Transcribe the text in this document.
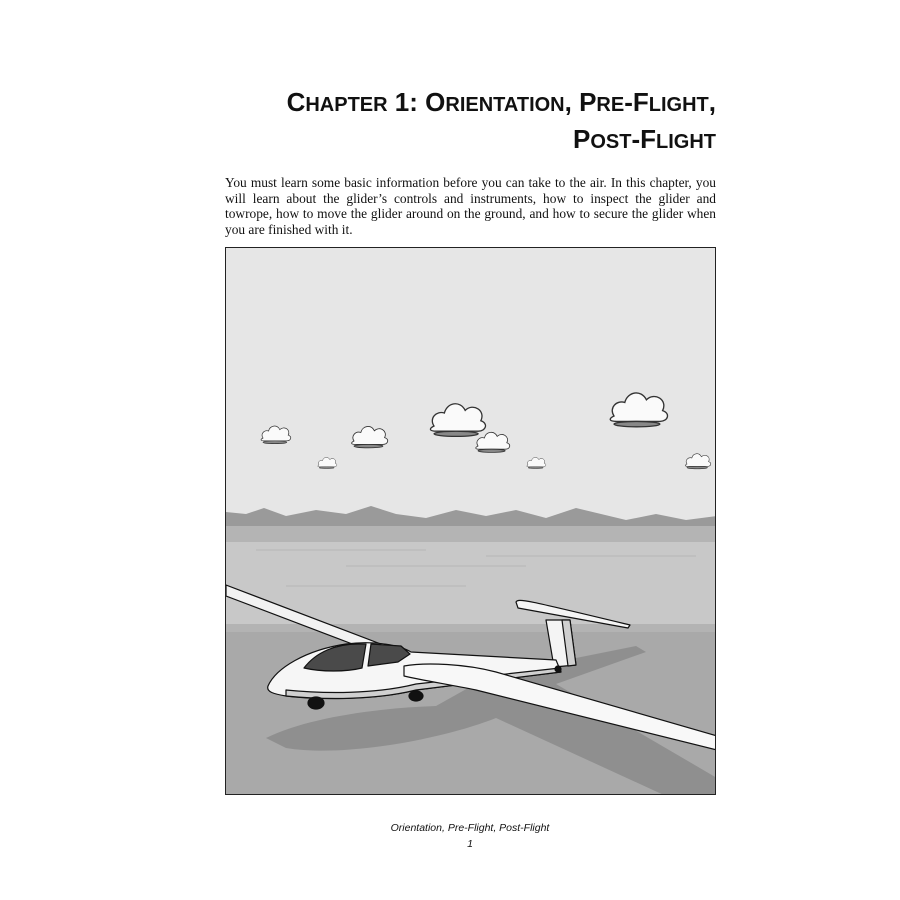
CHAPTER 1: ORIENTATION, PRE-FLIGHT,
POST-FLIGHT

You must learn some basic information before you can take to the air. In this chapter, you will learn about the glider’s controls and instruments, how to inspect the glider and towrope, how to move the glider around on the ground, and how to secure the glider when you are finished with it.

Orientation, Pre-Flight, Post-Flight
1
